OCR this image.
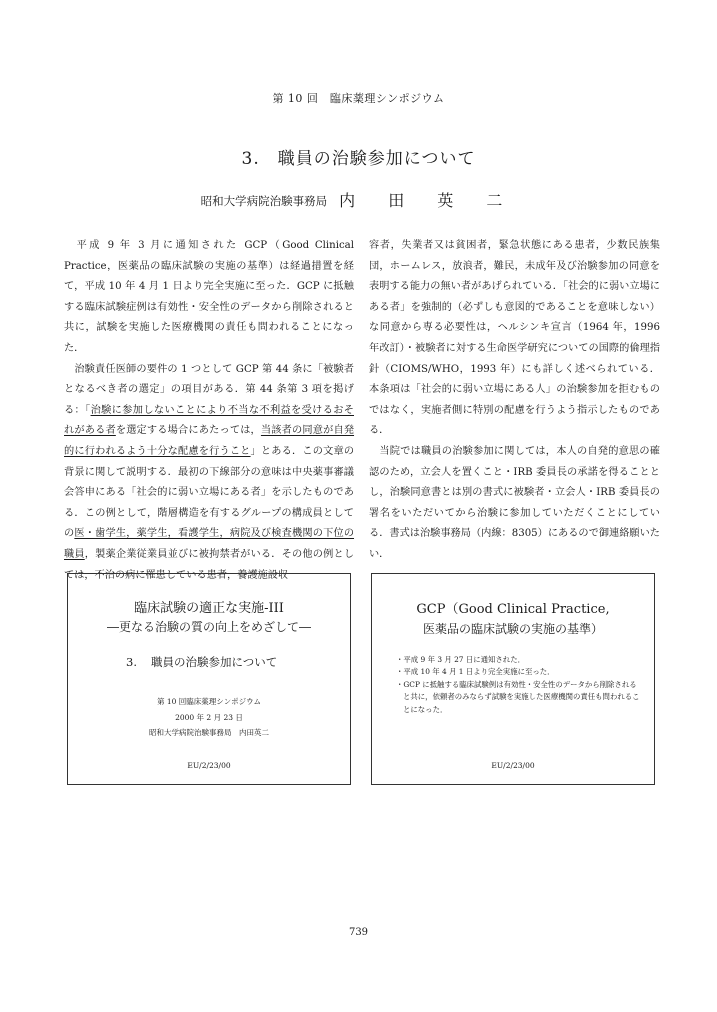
第 10 回　臨床薬理シンポジウム
3. 職員の治験参加について
昭和大学病院治験事務局 内 田 英 二

　平成 9 年 3 月に通知された GCP（Good Clinical Practice，医薬品の臨床試験の実施の基準）は経過措置を経て，平成 10 年 4 月 1 日より完全実施に至った．GCP に抵触する臨床試験症例は有効性・安全性のデータから削除されると共に，試験を実施した医療機関の責任も問われることになった．

　治験責任医師の要件の 1 つとして GCP 第 44 条に「被験者となるべき者の選定」の項目がある．第 44 条第 3 項を掲げる：「治験に参加しないことにより不当な不利益を受けるおそれがある者を選定する場合にあたっては，当該者の同意が自発的に行われるよう十分な配慮を行うこと」とある．この文章の背景に関して説明する．最初の下線部分の意味は中央薬事審議会答申にある「社会的に弱い立場にある者」を示したものである．この例として，階層構造を有するグループの構成員としての医・歯学生，薬学生，看護学生，病院及び検査機関の下位の職員，製薬企業従業員並びに被拘禁者がいる．その他の例としては，不治の病に罹患している患者，養護施設収

容者，失業者又は貧困者，緊急状態にある患者，少数民族集団，ホームレス，放浪者，難民，未成年及び治験参加の同意を表明する能力の無い者があげられている．「社会的に弱い立場にある者」を強制的（必ずしも意図的であることを意味しない）な同意から専る必要性は，ヘルシンキ宣言（1964 年，1996 年改訂）・被験者に対する生命医学研究についての国際的倫理指針（CIOMS/WHO，1993 年）にも詳しく述べられている．本条項は「社会的に弱い立場にある人」の治験参加を拒むものではなく，実施者側に特別の配慮を行うよう指示したものである．

　当院では職員の治験参加に関しては，本人の自発的意思の確認のため，立会人を置くこと・IRB 委員長の承諾を得ることとし，治験同意書とは別の書式に被験者・立会人・IRB 委員長の署名をいただいてから治験に参加していただくことにしている．書式は治験事務局（内線：8305）にあるので御連絡願いたい．

臨床試験の適正な実施-III
―更なる治験の質の向上をめざして―
3. 職員の治験参加について
第 10 回臨床薬理シンポジウム
2000 年 2 月 23 日
昭和大学病院治験事務局　内田英二
EU/2/23/00
GCP（Good Clinical Practice,
医薬品の臨床試験の実施の基準）
・平成 9 年 3 月 27 日に通知された．
・平成 10 年 4 月 1 日より完全実施に至った．
・GCP に抵触する臨床試験例は有効性・安全性のデータから削除されると共に，依頼者のみならず試験を実施した医療機関の責任も問われることになった．
EU/2/23/00
739
